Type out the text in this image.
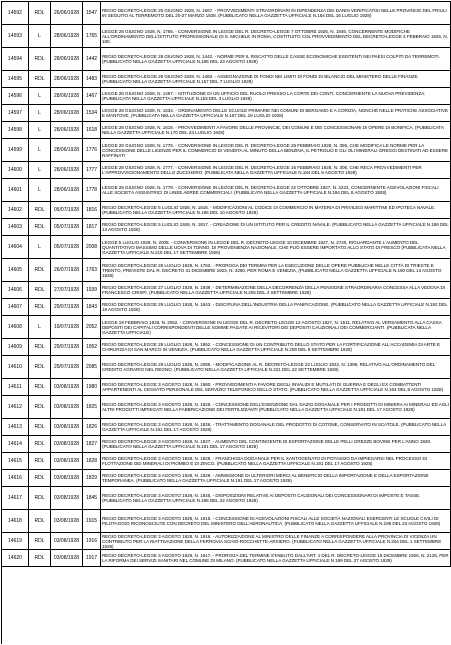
14592	RDL	26/06/1928	1547	REGIO DECRETO-LEGGE 26 GIUGNO 1928, N. 1567. - PROVVEDIMENTI STRAORDINARI IN DIPENDENZA DEI DANNI VERIFICATISI NELLE PROVINCIE DEL FRIULI IN SEGUITO AL TERREMOTO DEL 20-27 MARZO 1928. (PUBBLICATO NELLA GAZZETTA UFFICIALE N.164 DEL 16 LUGLIO 1928)
14593	L	28/06/1928	1765	LEGGE 28 GIUGNO 1928, N. 1765. - CONVERSIONE IN LEGGE DEL R. DECRETO-LEGGE 7 OTTOBRE 1926, N. 1846, CONCERNENTE MODIFICHE ALL'ORDINAMENTO DELL'ISTITUTO PROFESSIONALE DI S. MICHELE IN ROMA, COSTITUITO COL PROVVEDIMENTO DEL DECRETO-LEGGE 4 FEBBRAIO 1926, N. 180.
14594	RDL	28/06/1928	1442	REGIO DECRETO-LEGGE 28 GIUGNO 1928, N. 1442. - NORME PER IL RISCATTO DELLE CASSE ECONOMICHE ESISTENTI NEI PAESI COLPITI DA TERREMOTI. (PUBBLICATO NELLA GAZZETTA UFFICIALE N.196 DEL 23 AGOSTO 1928)
14595	RDL	28/06/1928	1483	REGIO DECRETO-LEGGE 28 GIUGNO 1928, N. 1483. - ASSEGNAZIONE DI FONDI NEI LIMITI DI FONDI DI BILANCIO DEL MINISTERO DELLE FINANZE. (PUBBLICATO NELLA GAZZETTA UFFICIALE N.157 DEL 7 LUGLIO 1928)
14596	L	28/06/1928	1467	LEGGE 28 GIUGNO 1928, N. 1467. - ISTITUZIONE DI UN UFFICIO DEL RUOLO PRESSO LA CORTE DEI CONTI, CONCERNENTE LA NUOVA PREVIDENZA. (PUBBLICATA NELLA GAZZETTA UFFICIALE N.153 DEL 3 LUGLIO 1928)
14597	L	28/06/1928	1534	LEGGE 28 GIUGNO 1928, N. 1534. - ORDINAMENTO DELLE SCUOLE PRIMARIE NEI COMUNI DI BERGAMO E A CORIZIA, NONCHÉ NELLE PRATICHE ASSOCIATIVE E MANTOVE. (PUBBLICATA NELLA GAZZETTA UFFICIALE N.167 DEL 19 LUGLIO 1928)
14598	L	28/06/1928	1618	LEGGE 28 GIUGNO 1928, N. 1618. - PROVVEDIMENTI A FAVORE DELLE PROVINCIE, DEI COMUNI E DEI CONCESSIONARI DI OPERE DI BONIFICA. (PUBBLICATA NELLA GAZZETTA UFFICIALE N.170 DEL 23 LUGLIO 1928)
14599	L	28/06/1928	1776	LEGGE 28 GIUGNO 1928, N. 1776. - CONVERSIONE IN LEGGE DEL R. DECRETO-LEGGE 26 FEBBRAIO 1928, N. 355, CHE MODIFICA LE NORME PER LA CONCESSIONE DELLE LICENZE PER IL COMMERCIO DI VENDITA AL MINUTO DELLA BENZINA, IL PETROLIO E GLI OLI MINERALI GREGGI DESTINATI AD ESSERE RAFFINATI
14600	L	28/06/1928	1777	LEGGE 28 GIUGNO 1928, N. 1777. - CONVERSIONE IN LEGGE DEL R. DECRETO-LEGGE 16 FEBBRAIO 1928, N. 306, CHE RECA PROVVEDIMENTI PER L'APPROVVIGIONAMENTO DELLO ZUCCHERO. (PUBBLICATA NELLA GAZZETTA UFFICIALE N.184 DEL 8 AGOSTO 1928)
14601	L	28/06/1928	1778	LEGGE 28 GIUGNO 1928, N. 1778. - CONVERSIONE IN LEGGE DEL R. DECRETO-LEGGE 22 OTTOBRE 1927, N. 2223, CONCERNENTE AGEVOLAZIONI FISCALI ALLE SOCIETÀ ASSUNTRICI DI LINEE AEREE COMMERCIALI. (PUBBLICATA NELLA GAZZETTA UFFICIALE N.184 DEL 8 AGOSTO 1928)
14602	RDL	05/07/1928	1816	REGIO DECRETO-LEGGE 5 LUGLIO 1928, N. 1816. - MODIFICAZIONI AL CODICE DI COMMERCIO IN MATERIA DI PRIVILEGI MARITTIMI ED IPOTECA NAVALE. (PUBBLICATO NELLA GAZZETTA UFFICIALE N.186 DEL 10 AGOSTO 1928)
14603	RDL	05/07/1928	1817	REGIO DECRETO-LEGGE 5 LUGLIO 1928, N. 1817. - CREAZIONE DI UN ISTITUTO PER IL CREDITO NAVALE. (PUBBLICATO NELLA GAZZETTA UFFICIALE N.186 DEL 13 AGOSTO 1928)
14604	L	05/07/1928	2008	LEGGE 5 LUGLIO 1928, N. 2008. - CONVERSIONE IN LEGGE DEL R. DECRETO-LEGGE 10 DICEMBRE 1927, N. 2740, RIGUARDANTE L'AUMENTO DEL QUANTITATIVO MASSIMO DELLE UOVA DI TONNO, DI PROVENIENZA NAZIONALE, CHE PUÒ ESSERE IMPORTATO ALLO STATO DI FRESCO (PUBBLICATA NELLA GAZZETTA UFFICIALE N.216 DEL 17 SETTEMBRE 1928)
14605	RDL	26/07/1928	1763	REGIO DECRETO-LEGGE 26 LUGLIO 1928, N. 1763. - PROROGA DEI TERMINI PER LA ESECUZIONE DELLE OPERE PUBBLICHE NELLE CITTÀ DI TRIESTE E TRENTO, PREVISTE DAL R. DECRETO 31 DICEMBRE 1923, N. 3260, PER ROMA E VENEZIA, (PUBBLICATO NELLA GAZZETTA UFFICIALE N.190 DEL 13 AGOSTO 1928)
14606	RDL	27/07/1928	1939	REGIO DECRETO-LEGGE 27 LUGLIO 1928, N. 1939. - DETERMINAZIONE DELLA DECORRENZA DELLA PENSIONE STRAORDINARIA CONCESSA ALLA VEDOVA DI FRANCESCO CRISPI, (PUBBLICATO NELLA GAZZETTA UFFICIALE N.205 DEL 4 SETTEMBRE 1928)
14607	RDL	29/07/1928	1843	REGIO DECRETO-LEGGE 29 LUGLIO 1928, N. 1843. - DISCIPLINA DELL'INDUSTRIA DELLA PANIFICAZIONE. (PUBBLICATO NELLA GAZZETTA UFFICIALE N.192 DEL 18 AGOSTO 1928)
14608	L	19/07/1928	2052	LEGGE 19 FEBBRAIO 1928, N. 2052. - CONVERSIONE IN LEGGE DEL R. DECRETO-LEGGE 12 AGOSTO 1927, N. 1511, RELATIVO AL VERSAMENTO ALLA CASSA DEPOSITI DEI CAPITALI CORRISPONDENTI DELLE SOMME PAGATE AI RICEVITORI DEI DEPOSITI CAUZIONALI DEI COMMERCIANTI. (PUBBLICATA NELLA GAZZETTA UFFICIALE)
14609	RDL	29/07/1928	1952	REGIO DECRETO-LEGGE 29 LUGLIO 1928, N. 1952. - CONCESSIONE DI UN CONTRIBUTO DELLO STATO PER LA FORTIFICAZIONE ALL'ACCADEMIA DI ARTE E CHIRURGIA DI SAN MARCO IN VENEZIA. (PUBBLICATO NELLA GAZZETTA UFFICIALE N.209 DEL 8 SETTEMBRE 1928)
14610	RDL	29/07/1928	2085	REGIO DECRETO-LEGGE 29 LUGLIO 1928, N. 2085. - MODIFICAZIONE AL R. DECRETO-LEGGE 22 LUGLIO 1922, N. 1399, RELATIVO ALL'ORDINAMENTO DEL CREDITO AGRARIO NEL REGNO. (PUBBLICATO NELLA GAZZETTA UFFICIALE N.221 DEL 22 SETTEMBRE 1928)
14611	RDL	03/08/1928	1980	REGIO DECRETO-LEGGE 3 AGOSTO 1928, N. 1980. - PROVVEDIMENTI A FAVORE DEGLI INVALIDI E MUTILATI DI GUERRA E DEGLI EX COMBATTENTI APPARTENENTI AL CESSATO PERSONALE DEL SERVIZIO TELEFONICO DELLO STATO. (PUBBLICATO NELLA GAZZETTA UFFICIALE N.164 DEL 8 AGOSTO 1928)
14612	RDL	03/08/1928	1825	REGIO DECRETO-LEGGE 3 AGOSTO 1928, N. 1825. - CONCESSIONE DELL'ESENZIONE DAL DAZIO DOGANALE PER I PRODOTTI DI MINIERA AI MINERALI ED AGLI ALTRI PRODOTTI IMPIEGATI NELLA FABBRICAZIONE DEI FERTILIZZANTI (PUBBLICATO NELLA GAZZETTA UFFICIALE N.191 DEL 17 AGOSTO 1928)
14613	RDL	03/08/1928	1826	REGIO DECRETO-LEGGE 3 AGOSTO 1928, N. 1826. - TRATTAMENTO DOGANALE DEL PRODOTTO DI COTONE, CONSERVATO IN SCATOLE. (PUBBLICATO NELLA GAZZETTA UFFICIALE N.191 DEL 17 AGOSTO 1928)
14614	RDL	03/08/1928	1827	REGIO DECRETO-LEGGE 3 AGOSTO 1928, N. 1827. - AUMENTO DEL CONTINGENTE DI ESPORTAZIONE DELLE PELLI GREZZE BOVINE PER L'ANNO 1928. (PUBBLICATO NELLA GAZZETTA UFFICIALE N.191 DEL 17 AGOSTO 1928)
14615	RDL	03/08/1928	1828	REGIO DECRETO-LEGGE 3 AGOSTO 1928, N. 1828. - FRANCHIGIA DOGANALE PER IL XANTOGENATO DI POTASSIO DA IMPIEGARSI NEL PROCESSO DI FLOTTAZIONE DEI MINERALI DI PIOMBO E DI ZINCO. (PUBBLICATO NELLA GAZZETTA UFFICIALE N.191 DEL 17 AGOSTO 1928)
14616	RDL	03/08/1928	1829	REGIO DECRETO-LEGGE 3 AGOSTO 1928, N. 1829. - AMMISSIONE DI ULTERIORI MERCI AL BENEFICIO DELLA IMPORTAZIONE E DELLA ESPORTAZIONE TEMPORANEA. (PUBBLICATO NELLA GAZZETTA UFFICIALE N.191 DEL 17 AGOSTO 1928)
14617	RDL	03/08/1928	1845	REGIO DECRETO-LEGGE 3 AGOSTO 1928, N. 1845. - DISPOSIZIONI RELATIVE AI DEPOSITI CAUZIONALI DEI CONCESSIONARI DI IMPOSTE E TASSE. (PUBBLICATO NELLA GAZZETTA UFFICIALE N.195 DEL 22 AGOSTO 1928)
14618	RDL	03/08/1928	1915	REGIO DECRETO-LEGGE 3 AGOSTO 1928, N. 1915. - CONCESSIONE DI AGEVOLAZIONI FISCALI ALLE SOCIETÀ NAZIONALI ESERCENTI LE SCUOLE CIVILI DI PILOTAGGIO RICONOSCIUTE CON DECRETO DEL MINISTERO DELL'AERONAUTICA. (PUBBLICATO NELLA GAZZETTA UFFICIALE N.198 DEL 23 AGOSTO 1928)
14619	RDL	03/08/1928	1916	REGIO DECRETO-LEGGE 3 AGOSTO 1928, N. 1916. - AUTORIZZAZIONE AL MINISTRO DELLE FINANZE A CORRISPONDERE ALLA PROVINCIA DI VICENZA UN CONTRIBUTO PER LA RIATTIVAZIONE DELLA FERROVIA SCHIO-ROCCHETTE-ARSIERO. (PUBBLICATO NELLA GAZZETTA UFFICIALE N.204 DEL 1 SETTEMBRE 1928)
14620	RDL	03/08/1928	1917	REGIO DECRETO-LEGGE 3 AGOSTO 1928, N. 1917. - PROROGA DEL TERMINE STABILITO DALL'ART. 1 DEL R. DECRETO-LEGGE 16 DICEMBRE 1926, N. 2125, PER LA RIFORMA DEI SERVIZI SANITARI NEL COMUNE DI MILANO. (PUBBLICATO NELLA GAZZETTA UFFICIALE N.199 DEL 27 AGOSTO 1928)
